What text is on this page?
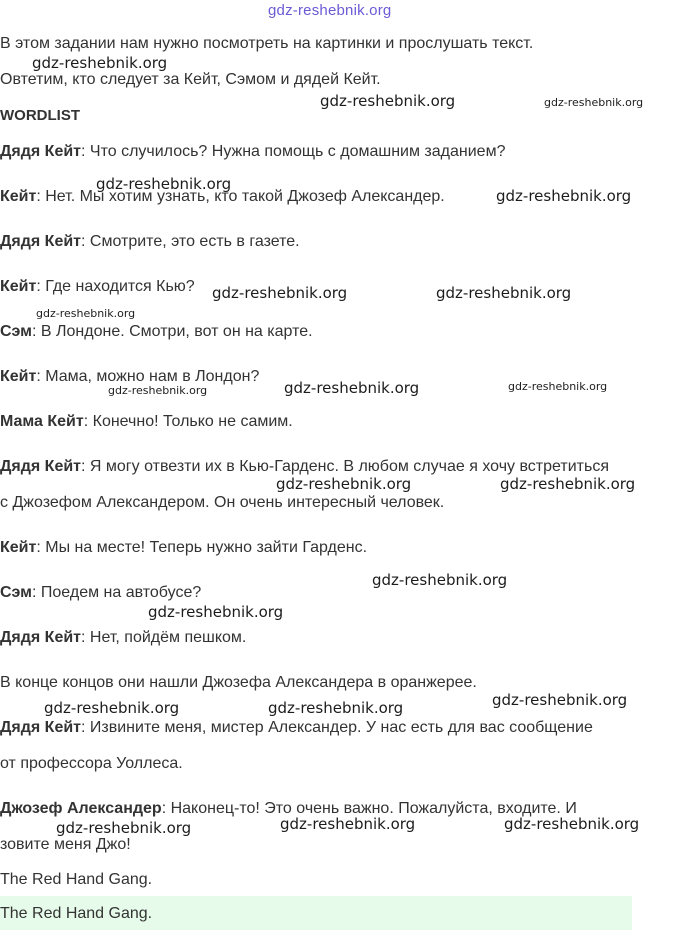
gdz-reshebnik.org
В этом задании нам нужно посмотреть на картинки и прослушать текст.
Овтетим, кто следует за Кейт, Сэмом и дядей Кейт.
WORDLIST
Дядя Кейт: Что случилось? Нужна помощь с домашним заданием?
Кейт: Нет. Мы хотим узнать, кто такой Джозеф Александер.
Дядя Кейт: Смотрите, это есть в газете.
Кейт: Где находится Кью?
Сэм: В Лондоне. Смотри, вот он на карте.
Кейт: Мама, можно нам в Лондон?
Мама Кейт: Конечно! Только не самим.
Дядя Кейт: Я могу отвезти их в Кью-Гарденс. В любом случае я хочу встретиться
с Джозефом Александером. Он очень интересный человек.
Кейт: Мы на месте! Теперь нужно зайти Гарденс.
Сэм: Поедем на автобусе?
Дядя Кейт: Нет, пойдём пешком.
В конце концов они нашли Джозефа Александера в оранжерее.
Дядя Кейт: Извините меня, мистер Александер. У нас есть для вас сообщение
от профессора Уоллеса.
Джозеф Александер: Наконец-то! Это очень важно. Пожалуйста, входите. И
зовите меня Джо!
The Red Hand Gang.
The Red Hand Gang.
gdz-reshebnik.org
gdz-reshebnik.org	gdz-reshebnik.org
gdz-reshebnik.org
gdz-reshebnik.org
gdz-reshebnik.org	gdz-reshebnik.org
gdz-reshebnik.org
gdz-reshebnik.org	gdz-reshebnik.org	gdz-reshebnik.org
gdz-reshebnik.org	gdz-reshebnik.org
gdz-reshebnik.org
gdz-reshebnik.org
gdz-reshebnik.org
gdz-reshebnik.org	gdz-reshebnik.org
gdz-reshebnik.org	gdz-reshebnik.org	gdz-reshebnik.org
